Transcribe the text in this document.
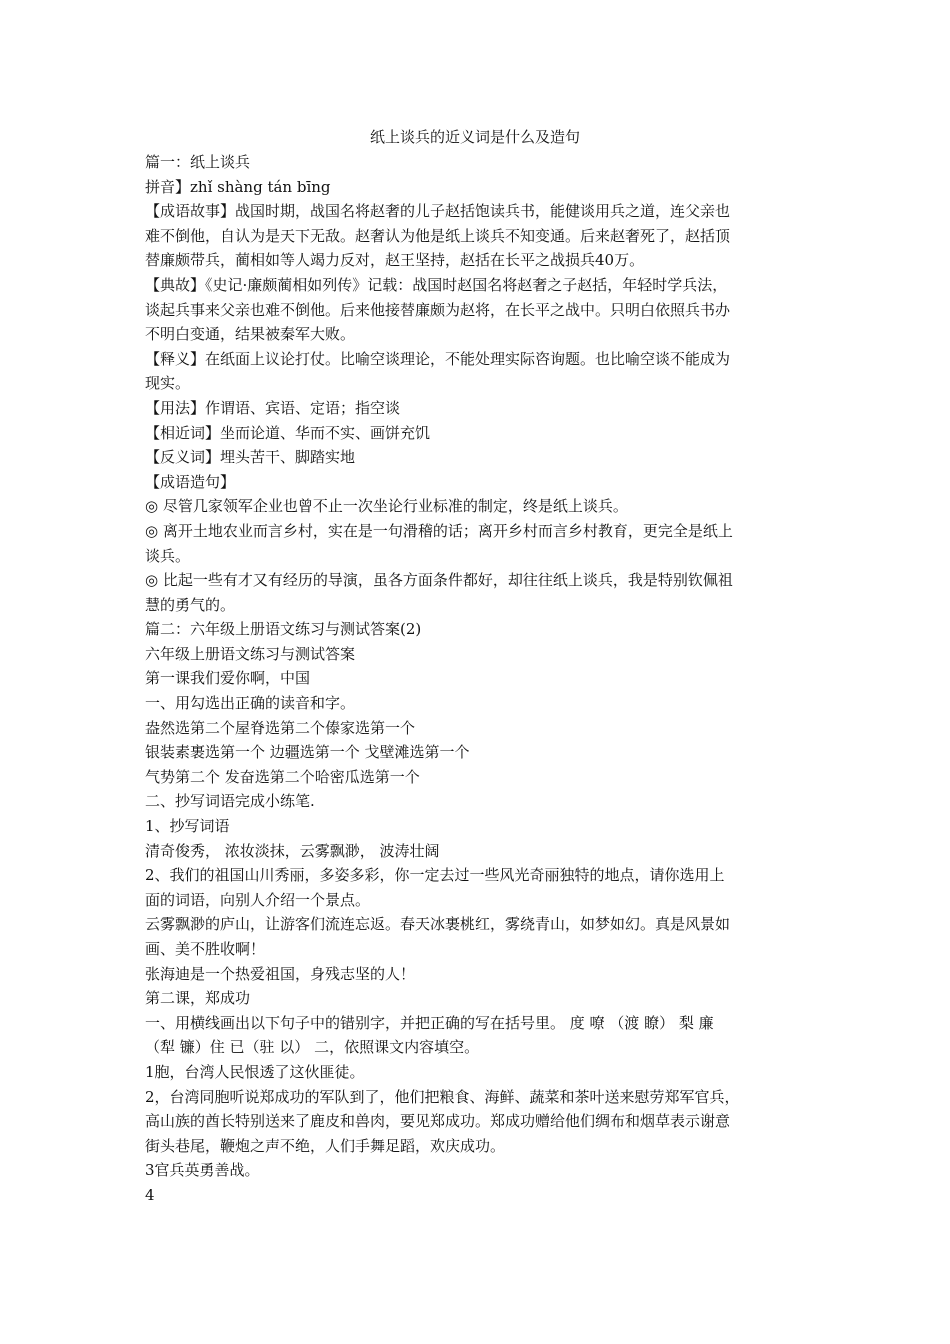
纸上谈兵的近义词是什么及造句
篇一：纸上谈兵
拼音】zhǐ shàng tán bīng
【成语故事】战国时期，战国名将赵奢的儿子赵括饱读兵书，能健谈用兵之道，连父亲也
难不倒他，自认为是天下无敌。赵奢认为他是纸上谈兵不知变通。后来赵奢死了，赵括顶
替廉颇带兵，蔺相如等人竭力反对，赵王坚持，赵括在长平之战损兵40万。
【典故】《史记·廉颇蔺相如列传》记载：战国时赵国名将赵奢之子赵括，年轻时学兵法，
谈起兵事来父亲也难不倒他。后来他接替廉颇为赵将，在长平之战中。只明白依照兵书办
不明白变通，结果被秦军大败。
【释义】在纸面上议论打仗。比喻空谈理论，不能处理实际咨询题。也比喻空谈不能成为
现实。
【用法】作谓语、宾语、定语；指空谈
【相近词】坐而论道、华而不实、画饼充饥
【反义词】埋头苦干、脚踏实地
【成语造句】
◎ 尽管几家领军企业也曾不止一次坐论行业标准的制定，终是纸上谈兵。
◎ 离开土地农业而言乡村，实在是一句滑稽的话；离开乡村而言乡村教育，更完全是纸上
谈兵。
◎ 比起一些有才又有经历的导演，虽各方面条件都好，却往往纸上谈兵，我是特别钦佩祖
慧的勇气的。
篇二：六年级上册语文练习与测试答案(2)
六年级上册语文练习与测试答案
第一课我们爱你啊，中国
一、用勾选出正确的读音和字。
盎然选第二个屋脊选第二个傣家选第一个
银装素裹选第一个 边疆选第一个 戈壁滩选第一个
气势第二个 发奋选第二个哈密瓜选第一个
二、抄写词语完成小练笔.
1、抄写词语
清奇俊秀， 浓妆淡抹，云雾飘渺， 波涛壮阔
2、我们的祖国山川秀丽，多姿多彩，你一定去过一些风光奇丽独特的地点，请你选用上
面的词语，向别人介绍一个景点。
云雾飘渺的庐山，让游客们流连忘返。春天冰裹桃红，雾绕青山，如梦如幻。真是风景如
画、美不胜收啊！
张海迪是一个热爱祖国，身残志坚的人！
第二课，郑成功
一、用横线画出以下句子中的错别字，并把正确的写在括号里。 度 嘹 （渡 瞭） 梨 廉
（犁 镰）住 已（驻 以） 二，依照课文内容填空。
1胞，台湾人民恨透了这伙匪徒。
2，台湾同胞听说郑成功的军队到了，他们把粮食、海鲜、蔬菜和茶叶送来慰劳郑军官兵，
高山族的酋长特别送来了鹿皮和兽肉，要见郑成功。郑成功赠给他们绸布和烟草表示谢意
街头巷尾，鞭炮之声不绝，人们手舞足蹈，欢庆成功。
3官兵英勇善战。
4
